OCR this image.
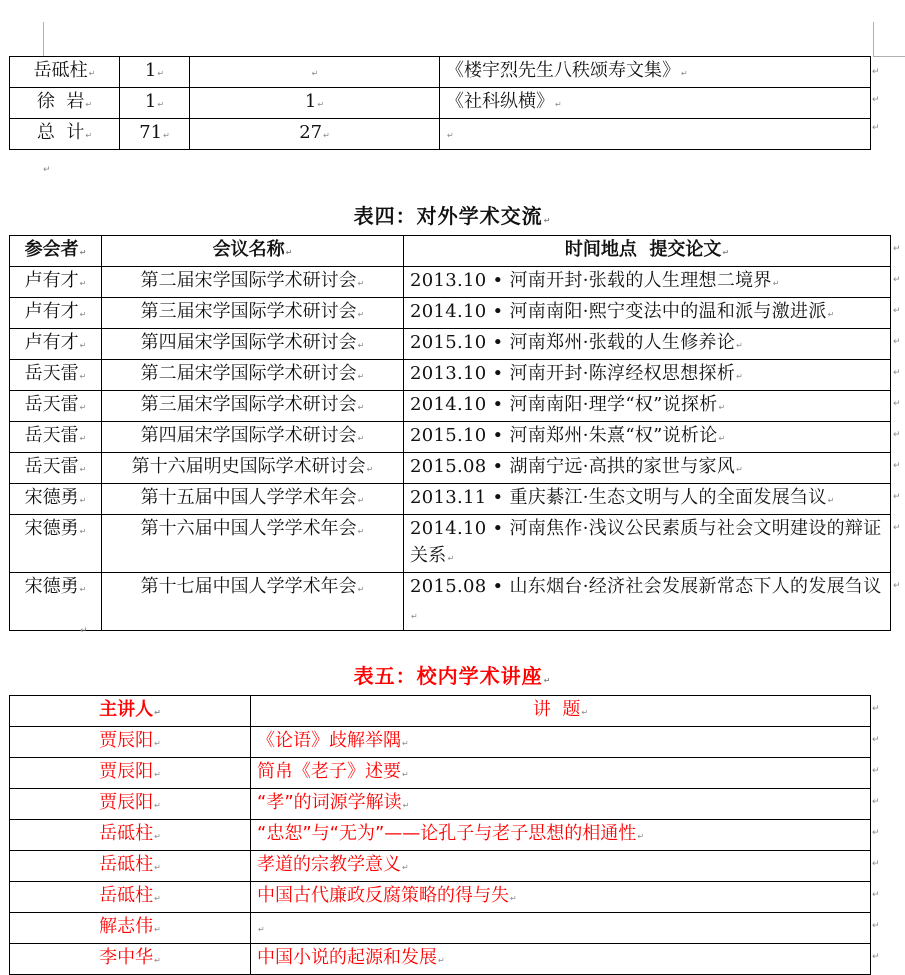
岳砥柱↵	1↵	↵	《楼宇烈先生八秩颂寿文集》↵
徐  岩↵	1↵	1↵	《社科纵横》↵
总  计↵	71↵	27↵	↵
↵
↵
↵
↵
表四：对外学术交流↵
参会者↵	会议名称↵	时间地点  提交论文↵
卢有才↵	第二届宋学国际学术研讨会↵	2013.10 • 河南开封·张载的人生理想二境界↵
卢有才↵	第三届宋学国际学术研讨会↵	2014.10 • 河南南阳·熙宁变法中的温和派与激进派↵
卢有才↵	第四届宋学国际学术研讨会↵	2015.10 • 河南郑州·张载的人生修养论↵
岳天雷↵	第二届宋学国际学术研讨会↵	2013.10 • 河南开封·陈淳经权思想探析↵
岳天雷↵	第三届宋学国际学术研讨会↵	2014.10 • 河南南阳·理学“权”说探析↵
岳天雷↵	第四届宋学国际学术研讨会↵	2015.10 • 河南郑州·朱熹“权”说析论↵
岳天雷↵	第十六届明史国际学术研讨会↵	2015.08 • 湖南宁远·高拱的家世与家风↵
宋德勇↵	第十五届中国人学学术年会↵	2013.11 • 重庆綦江·生态文明与人的全面发展刍议↵
宋德勇↵	第十六届中国人学学术年会↵	2014.10 • 河南焦作·浅议公民素质与社会文明建设的辩证关系↵
宋德勇↵	第十七届中国人学学术年会↵	2015.08 • 山东烟台·经济社会发展新常态下人的发展刍议↵
↵
表五：校内学术讲座↵
主讲人↵	讲  题↵
贾辰阳↵	《论语》歧解举隅↵
贾辰阳↵	简帛《老子》述要↵
贾辰阳↵	“孝”的词源学解读↵
岳砥柱↵	“忠恕”与“无为”——论孔子与老子思想的相通性↵
岳砥柱↵	孝道的宗教学意义↵
岳砥柱↵	中国古代廉政反腐策略的得与失↵
解志伟↵	↵
李中华↵	中国小说的起源和发展↵
↵
↵
↵
↵
↵
↵
↵
↵
↵
↵
↵
↵
↵
↵
↵
↵
↵
↵
↵
↵
